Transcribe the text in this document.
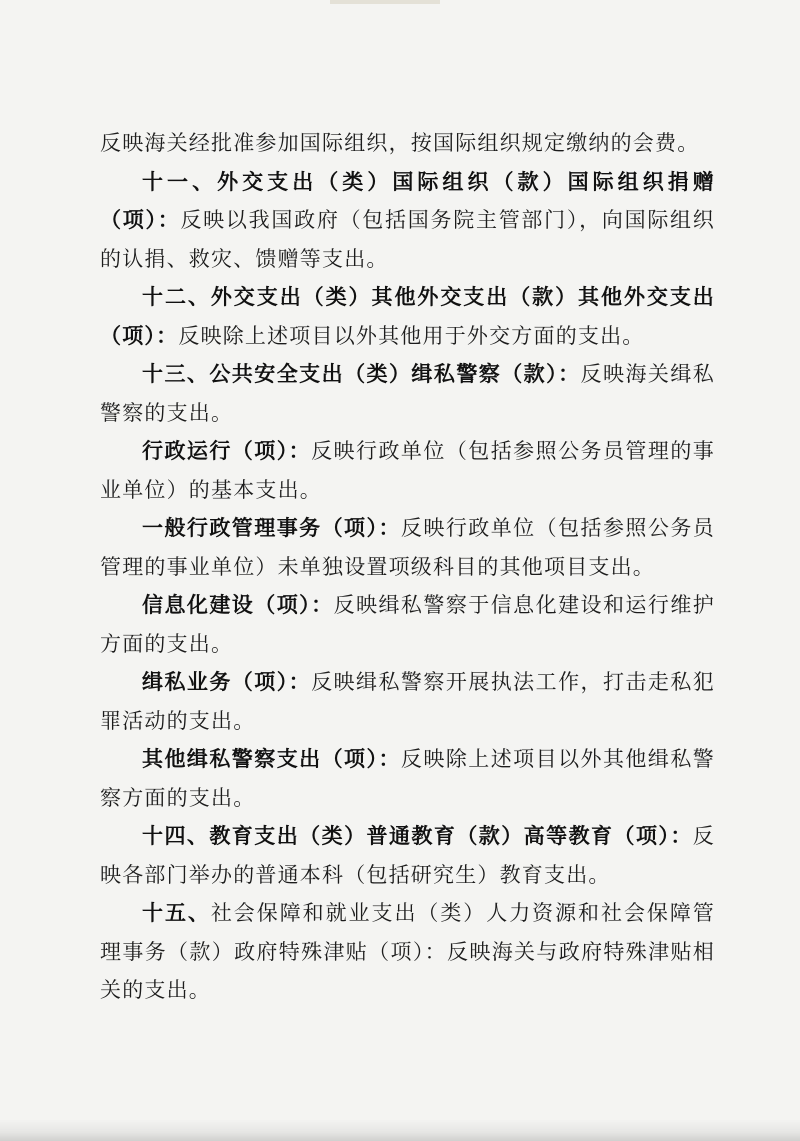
反映海关经批准参加国际组织，按国际组织规定缴纳的会费。

十一、外交支出（类）国际组织（款）国际组织捐赠（项）：反映以我国政府（包括国务院主管部门），向国际组织的认捐、救灾、馈赠等支出。

十二、外交支出（类）其他外交支出（款）其他外交支出（项）：反映除上述项目以外其他用于外交方面的支出。

十三、公共安全支出（类）缉私警察（款）：反映海关缉私警察的支出。

行政运行（项）：反映行政单位（包括参照公务员管理的事业单位）的基本支出。

一般行政管理事务（项）：反映行政单位（包括参照公务员管理的事业单位）未单独设置项级科目的其他项目支出。

信息化建设（项）：反映缉私警察于信息化建设和运行维护方面的支出。

缉私业务（项）：反映缉私警察开展执法工作，打击走私犯罪活动的支出。

其他缉私警察支出（项）：反映除上述项目以外其他缉私警察方面的支出。

十四、教育支出（类）普通教育（款）高等教育（项）：反映各部门举办的普通本科（包括研究生）教育支出。

十五、社会保障和就业支出（类）人力资源和社会保障管理事务（款）政府特殊津贴（项）：反映海关与政府特殊津贴相关的支出。
